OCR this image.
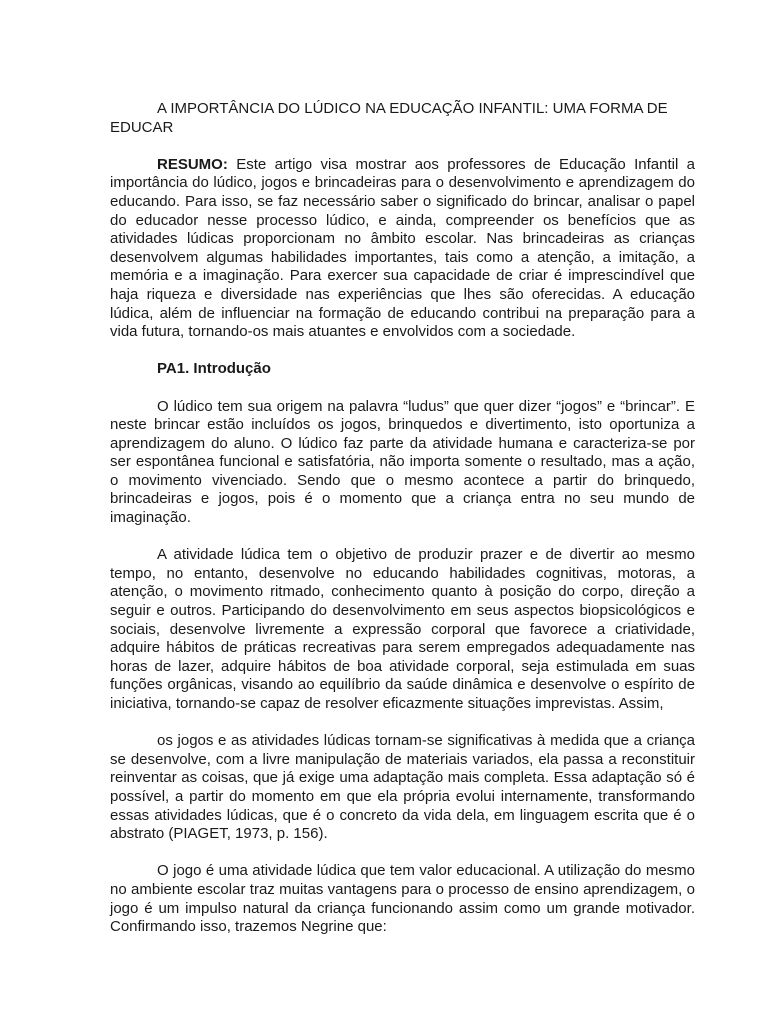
A IMPORTÂNCIA DO LÚDICO NA EDUCAÇÃO INFANTIL: UMA FORMA DE EDUCAR

RESUMO: Este artigo visa mostrar aos professores de Educação Infantil a importância do lúdico, jogos e brincadeiras para o desenvolvimento e aprendizagem do educando. Para isso, se faz necessário saber o significado do brincar, analisar o papel do educador nesse processo lúdico, e ainda, compreender os benefícios que as atividades lúdicas proporcionam no âmbito escolar. Nas brincadeiras as crianças desenvolvem algumas habilidades importantes, tais como a atenção, a imitação, a memória e a imaginação. Para exercer sua capacidade de criar é imprescindível que haja riqueza e diversidade nas experiências que lhes são oferecidas. A educação lúdica, além de influenciar na formação de educando contribui na preparação para a vida futura, tornando-os mais atuantes e envolvidos com a sociedade.

PA1. Introdução

O lúdico tem sua origem na palavra “ludus” que quer dizer “jogos” e “brincar”. E neste brincar estão incluídos os jogos, brinquedos e divertimento, isto oportuniza a aprendizagem do aluno. O lúdico faz parte da atividade humana e caracteriza-se por ser espontânea funcional e satisfatória, não importa somente o resultado, mas a ação, o movimento vivenciado. Sendo que o mesmo acontece a partir do brinquedo, brincadeiras e jogos, pois é o momento que a criança entra no seu mundo de imaginação.

A atividade lúdica tem o objetivo de produzir prazer e de divertir ao mesmo tempo, no entanto, desenvolve no educando habilidades cognitivas, motoras, a atenção, o movimento ritmado, conhecimento quanto à posição do corpo, direção a seguir e outros. Participando do desenvolvimento em seus aspectos biopsicológicos e sociais, desenvolve livremente a expressão corporal que favorece a criatividade, adquire hábitos de práticas recreativas para serem empregados adequadamente nas horas de lazer, adquire hábitos de boa atividade corporal, seja estimulada em suas funções orgânicas, visando ao equilíbrio da saúde dinâmica e desenvolve o espírito de iniciativa, tornando-se capaz de resolver eficazmente situações imprevistas. Assim,

os jogos e as atividades lúdicas tornam-se significativas à medida que a criança se desenvolve, com a livre manipulação de materiais variados, ela passa a reconstituir reinventar as coisas, que já exige uma adaptação mais completa. Essa adaptação só é possível, a partir do momento em que ela própria evolui internamente, transformando essas atividades lúdicas, que é o concreto da vida dela, em linguagem escrita que é o abstrato (PIAGET, 1973, p. 156).

O jogo é uma atividade lúdica que tem valor educacional. A utilização do mesmo no ambiente escolar traz muitas vantagens para o processo de ensino aprendizagem, o jogo é um impulso natural da criança funcionando assim como um grande motivador. Confirmando isso, trazemos Negrine que:
